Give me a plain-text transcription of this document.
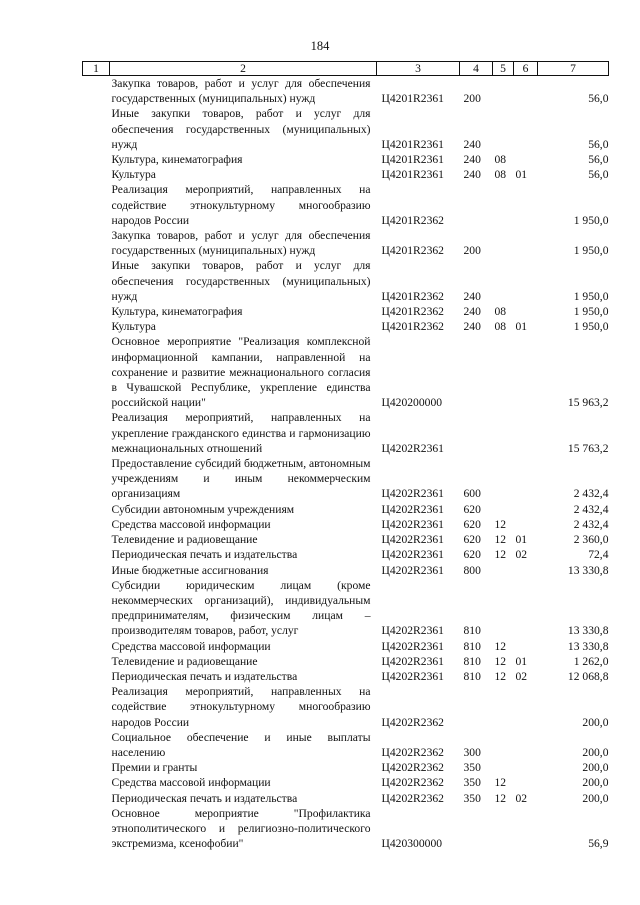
184
1	2	3	4	5	6	7
	Закупка товаров, работ и услуг для обеспечения государственных (муниципальных) нужд	Ц4201R2361	200			56,0
	Иные закупки товаров, работ и услуг для обеспечения государственных (муниципальных) нужд	Ц4201R2361	240			56,0
	Культура, кинематография	Ц4201R2361	240	08		56,0
	Культура	Ц4201R2361	240	08	01	56,0
	Реализация мероприятий, направленных на содействие этнокультурному многообразию народов России	Ц4201R2362				1 950,0
	Закупка товаров, работ и услуг для обеспечения государственных (муниципальных) нужд	Ц4201R2362	200			1 950,0
	Иные закупки товаров, работ и услуг для обеспечения государственных (муниципальных) нужд	Ц4201R2362	240			1 950,0
	Культура, кинематография	Ц4201R2362	240	08		1 950,0
	Культура	Ц4201R2362	240	08	01	1 950,0
	Основное мероприятие "Реализация комплексной информационной кампании, направленной на сохранение и развитие межнационального согласия в Чувашской Республике, укрепление единства российской нации"	Ц420200000				15 963,2
	Реализация мероприятий, направленных на укрепление гражданского единства и гармонизацию межнациональных отношений	Ц4202R2361				15 763,2
	Предоставление субсидий бюджетным, автономным учреждениям и иным некоммерческим организациям	Ц4202R2361	600			2 432,4
	Субсидии автономным учреждениям	Ц4202R2361	620			2 432,4
	Средства массовой информации	Ц4202R2361	620	12		2 432,4
	Телевидение и радиовещание	Ц4202R2361	620	12	01	2 360,0
	Периодическая печать и издательства	Ц4202R2361	620	12	02	72,4
	Иные бюджетные ассигнования	Ц4202R2361	800			13 330,8
	Субсидии юридическим лицам (кроме некоммерческих организаций), индивидуальным предпринимателям, физическим лицам – производителям товаров, работ, услуг	Ц4202R2361	810			13 330,8
	Средства массовой информации	Ц4202R2361	810	12		13 330,8
	Телевидение и радиовещание	Ц4202R2361	810	12	01	1 262,0
	Периодическая печать и издательства	Ц4202R2361	810	12	02	12 068,8
	Реализация мероприятий, направленных на содействие этнокультурному многообразию народов России	Ц4202R2362				200,0
	Социальное обеспечение и иные выплаты населению	Ц4202R2362	300			200,0
	Премии и гранты	Ц4202R2362	350			200,0
	Средства массовой информации	Ц4202R2362	350	12		200,0
	Периодическая печать и издательства	Ц4202R2362	350	12	02	200,0
	Основное мероприятие "Профилактика этнополитического и религиозно-политического экстремизма, ксенофобии"	Ц420300000				56,9
